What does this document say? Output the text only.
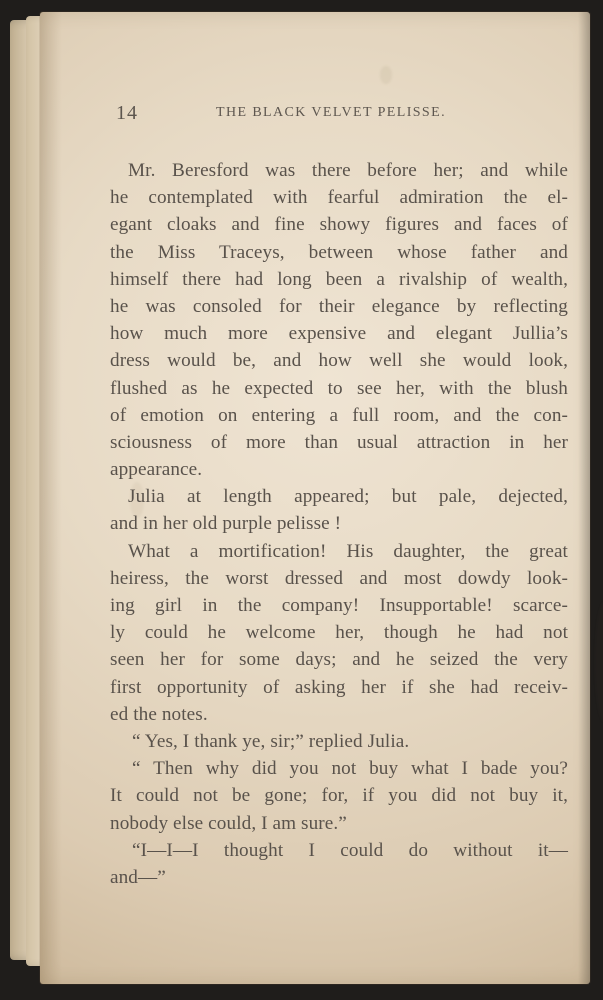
14	THE BLACK VELVET PELISSE.
Mr. Beresford was there before her; and while
he contemplated with fearful admiration the el-
egant cloaks and fine showy figures and faces of
the Miss Traceys, between whose father and
himself there had long been a rivalship of wealth,
he was consoled for their elegance by reflecting
how much more expensive and elegant Jullia’s
dress would be, and how well she would look,
flushed as he expected to see her, with the blush
of emotion on entering a full room, and the con-
sciousness of more than usual attraction in her
appearance.
Julia at length appeared; but pale, dejected,
and in her old purple pelisse !
What a mortification! His daughter, the great
heiress, the worst dressed and most dowdy look-
ing girl in the company! Insupportable! scarce-
ly could he welcome her, though he had not
seen her for some days; and he seized the very
first opportunity of asking her if she had receiv-
ed the notes.
“ Yes, I thank ye, sir;” replied Julia.
“ Then why did you not buy what I bade you?
It could not be gone; for, if you did not buy it,
nobody else could, I am sure.”
“I—I—I thought I could do without it—
and—”
